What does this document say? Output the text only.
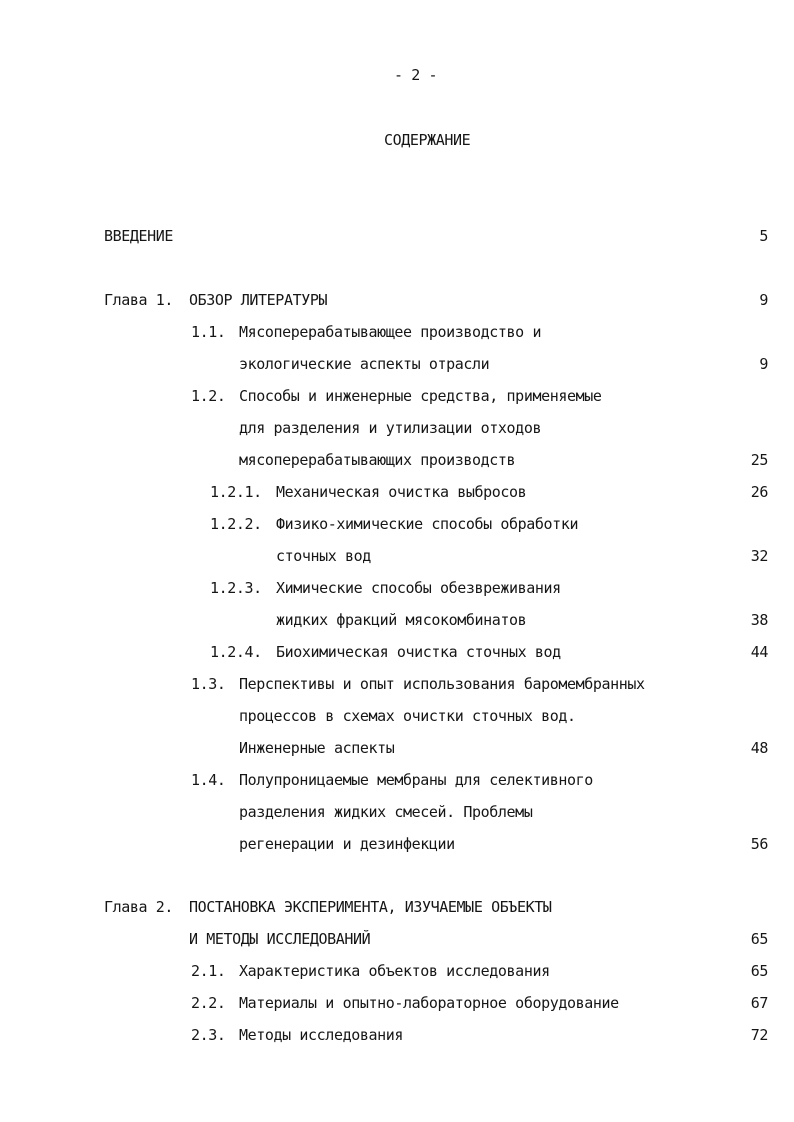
- 2 -
СОДЕРЖАНИЕ
ВВЕДЕНИЕ	5
Глава 1. ОБЗОР ЛИТЕРАТУРЫ	9
1.1. Мясоперерабатывающее производство и
экологические аспекты отрасли	9
1.2. Способы и инженерные средства, применяемые
для разделения и утилизации отходов
мясоперерабатывающих производств	25
1.2.1. Механическая очистка выбросов	26
1.2.2. Физико-химические способы обработки
сточных вод	32
1.2.3. Химические способы обезвреживания
жидких фракций мясокомбинатов	38
1.2.4. Биохимическая очистка сточных вод	44
1.3. Перспективы и опыт использования баромембранных
процессов в схемах очистки сточных вод.
Инженерные аспекты	48
1.4. Полупроницаемые мембраны для селективного
разделения жидких смесей. Проблемы
регенерации и дезинфекции	56
Глава 2. ПОСТАНОВКА ЭКСПЕРИМЕНТА, ИЗУЧАЕМЫЕ ОБЪЕКТЫ
И МЕТОДЫ ИССЛЕДОВАНИЙ	65
2.1. Характеристика объектов исследования	65
2.2. Материалы и опытно-лабораторное оборудование	67
2.3. Методы исследования	72
